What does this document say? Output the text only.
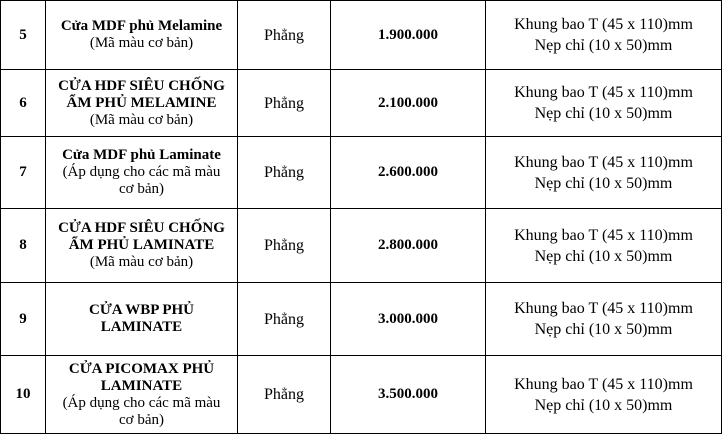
5	Cửa MDF phủ Melamine
(Mã màu cơ bản)	Phẳng	1.900.000	Khung bao T (45 x 110)mm
Nẹp chỉ (10 x 50)mm

6	CỬA HDF SIÊU CHỐNG
ẨM PHỦ MELAMINE
(Mã màu cơ bản)	Phẳng	2.100.000	Khung bao T (45 x 110)mm
Nẹp chỉ (10 x 50)mm

7	Cửa MDF phủ Laminate
(Áp dụng cho các mã màu
cơ bản)	Phẳng	2.600.000	Khung bao T (45 x 110)mm
Nẹp chỉ (10 x 50)mm

8	CỬA HDF SIÊU CHỐNG
ẨM PHỦ LAMINATE
(Mã màu cơ bản)	Phẳng	2.800.000	Khung bao T (45 x 110)mm
Nẹp chỉ (10 x 50)mm

9	CỬA WBP PHỦ
LAMINATE	Phẳng	3.000.000	Khung bao T (45 x 110)mm
Nẹp chỉ (10 x 50)mm

10	CỬA PICOMAX PHỦ
LAMINATE
(Áp dụng cho các mã màu
cơ bản)	Phẳng	3.500.000	Khung bao T (45 x 110)mm
Nẹp chỉ (10 x 50)mm
